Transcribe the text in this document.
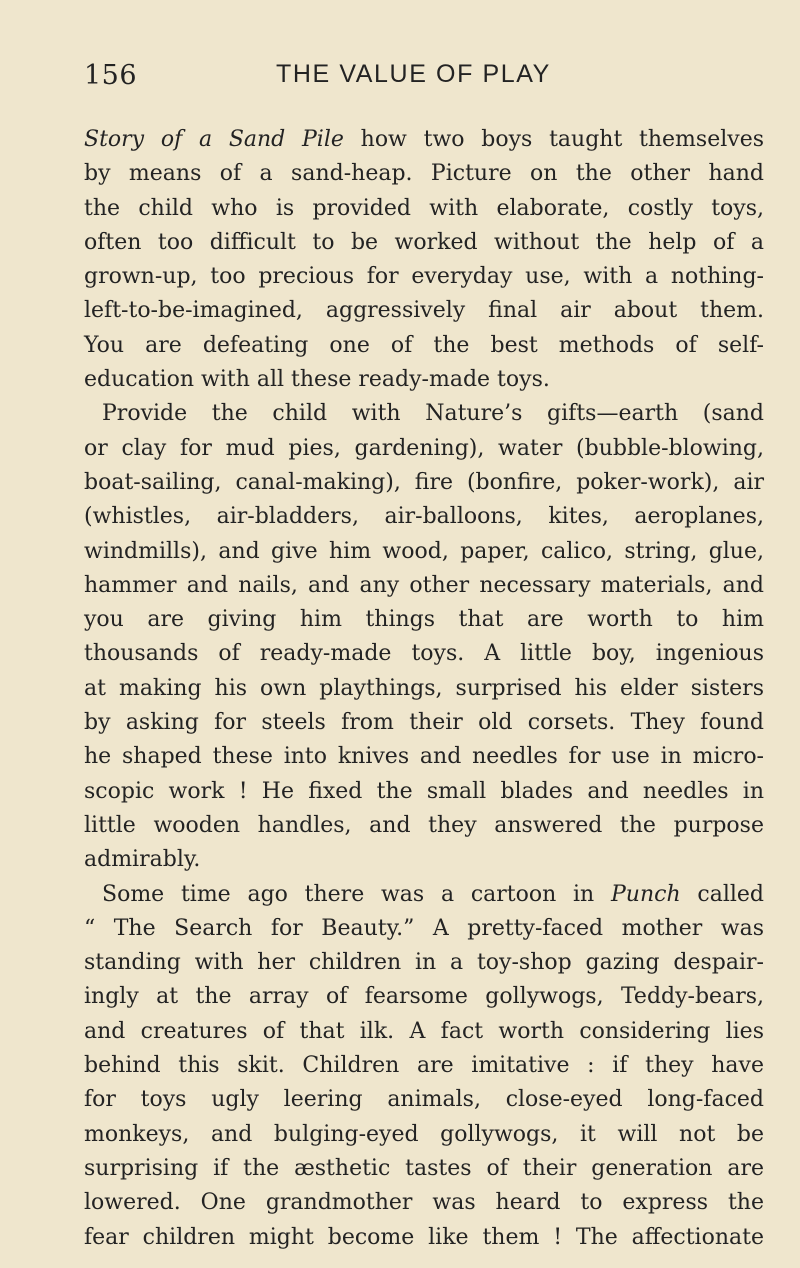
156	THE VALUE OF PLAY
Story of a Sand Pile how two boys taught themselves
by means of a sand-heap. Picture on the other hand
the child who is provided with elaborate, costly toys,
often too difficult to be worked without the help of a
grown-up, too precious for everyday use, with a nothing-
left-to-be-imagined, aggressively final air about them.
You are defeating one of the best methods of self-
education with all these ready-made toys.
Provide the child with Nature’s gifts—earth (sand
or clay for mud pies, gardening), water (bubble-blowing,
boat-sailing, canal-making), fire (bonfire, poker-work), air
(whistles, air-bladders, air-balloons, kites, aeroplanes,
windmills), and give him wood, paper, calico, string, glue,
hammer and nails, and any other necessary materials, and
you are giving him things that are worth to him
thousands of ready-made toys. A little boy, ingenious
at making his own playthings, surprised his elder sisters
by asking for steels from their old corsets. They found
he shaped these into knives and needles for use in micro-
scopic work ! He fixed the small blades and needles in
little wooden handles, and they answered the purpose
admirably.
Some time ago there was a cartoon in Punch called
“ The Search for Beauty.” A pretty-faced mother was
standing with her children in a toy-shop gazing despair-
ingly at the array of fearsome gollywogs, Teddy-bears,
and creatures of that ilk. A fact worth considering lies
behind this skit. Children are imitative : if they have
for toys ugly leering animals, close-eyed long-faced
monkeys, and bulging-eyed gollywogs, it will not be
surprising if the æsthetic tastes of their generation are
lowered. One grandmother was heard to express the
fear children might become like them ! The affectionate
